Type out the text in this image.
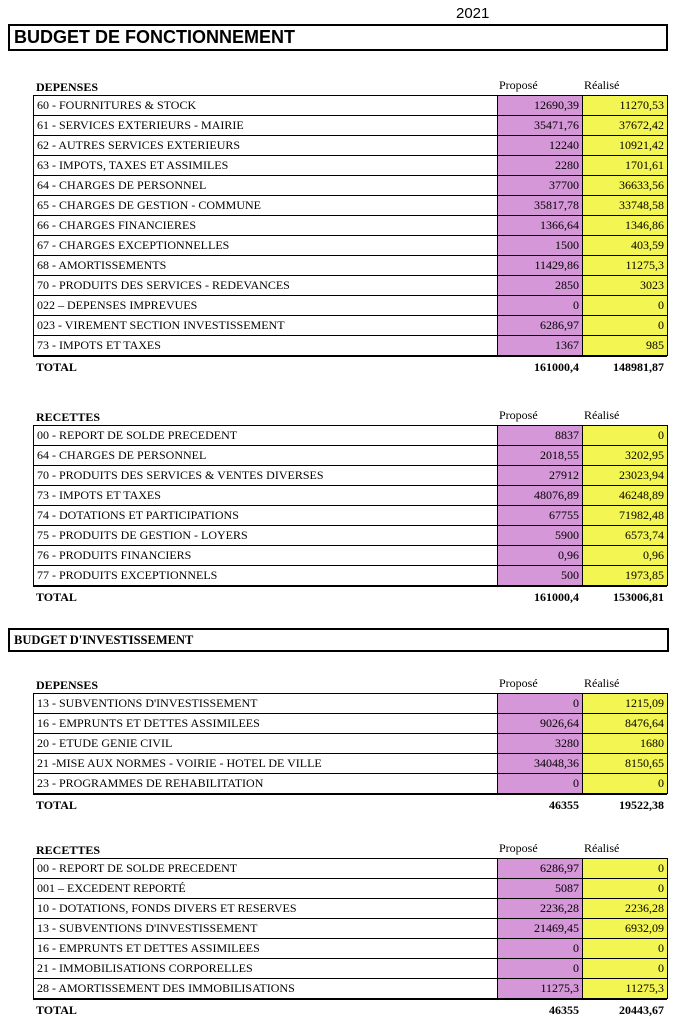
2021
BUDGET DE FONCTIONNEMENT
DEPENSES	Proposé	Réalisé
60 - FOURNITURES & STOCK	12690,39	11270,53
61 - SERVICES EXTERIEURS - MAIRIE	35471,76	37672,42
62 - AUTRES SERVICES EXTERIEURS	12240	10921,42
63 - IMPOTS, TAXES ET ASSIMILES	2280	1701,61
64 - CHARGES DE PERSONNEL	37700	36633,56
65 - CHARGES DE GESTION - COMMUNE	35817,78	33748,58
66 - CHARGES FINANCIERES	1366,64	1346,86
67 - CHARGES EXCEPTIONNELLES	1500	403,59
68 - AMORTISSEMENTS	11429,86	11275,3
70 - PRODUITS DES SERVICES - REDEVANCES	2850	3023
022 – DEPENSES IMPREVUES	0	0
023 - VIREMENT SECTION INVESTISSEMENT	6286,97	0
73 - IMPOTS ET TAXES	1367	985
TOTAL	161000,4	148981,87
RECETTES	Proposé	Réalisé
00 - REPORT DE SOLDE PRECEDENT	8837	0
64 - CHARGES DE PERSONNEL	2018,55	3202,95
70 - PRODUITS DES SERVICES & VENTES DIVERSES	27912	23023,94
73 - IMPOTS ET TAXES	48076,89	46248,89
74 - DOTATIONS ET PARTICIPATIONS	67755	71982,48
75 - PRODUITS DE GESTION - LOYERS	5900	6573,74
76 - PRODUITS FINANCIERS	0,96	0,96
77 - PRODUITS EXCEPTIONNELS	500	1973,85
TOTAL	161000,4	153006,81
BUDGET D'INVESTISSEMENT
DEPENSES	Proposé	Réalisé
13 - SUBVENTIONS D'INVESTISSEMENT	0	1215,09
16 - EMPRUNTS ET DETTES ASSIMILEES	9026,64	8476,64
20 - ETUDE GENIE CIVIL	3280	1680
21 -MISE AUX NORMES - VOIRIE - HOTEL DE VILLE	34048,36	8150,65
23 - PROGRAMMES DE REHABILITATION	0	0
TOTAL	46355	19522,38
RECETTES	Proposé	Réalisé
00 - REPORT DE SOLDE PRECEDENT	6286,97	0
001 – EXCEDENT REPORTÉ	5087	0
10 - DOTATIONS, FONDS DIVERS ET RESERVES	2236,28	2236,28
13 - SUBVENTIONS D'INVESTISSEMENT	21469,45	6932,09
16 - EMPRUNTS ET DETTES ASSIMILEES	0	0
21 - IMMOBILISATIONS CORPORELLES	0	0
28 - AMORTISSEMENT DES IMMOBILISATIONS	11275,3	11275,3
TOTAL	46355	20443,67
